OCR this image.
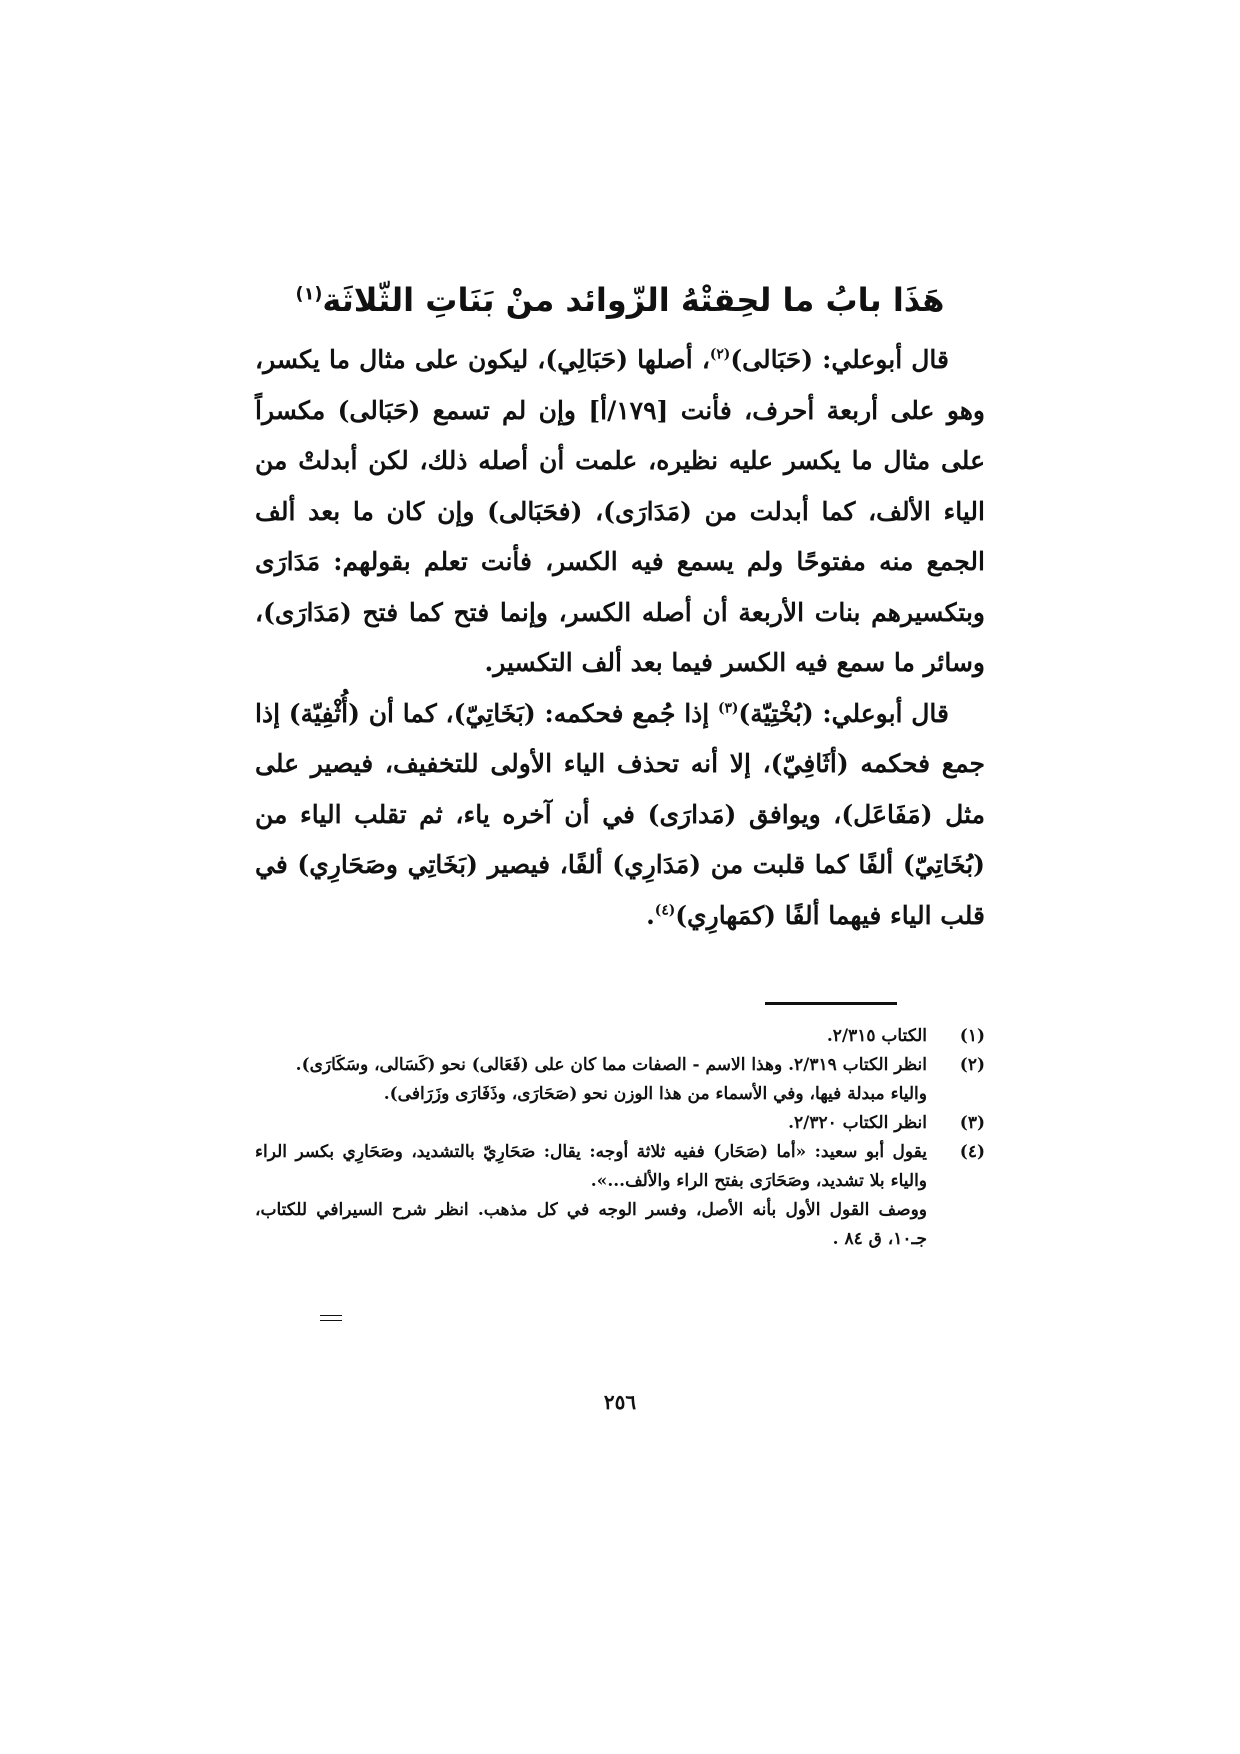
هَذَا بابُ ما لحِقتْهُ الزّوائد منْ بَنَاتِ الثّلاثَة$^{(١)}$

قال أبوعلي: (حَبَالى)$^{(٢)}$، أصلها (حَبَالِي)، ليكون على مثال ما يكسر، وهو على أربعة أحرف، فأنت [١٧٩/أ] وإن لم تسمع (حَبَالى) مكسراً على مثال ما يكسر عليه نظيره، علمت أن أصله ذلك، لكن أبدلتْ من الياء الألف، كما أبدلت من (مَدَارَى)، (فحَبَالى) وإن كان ما بعد ألف الجمع منه مفتوحًا ولم يسمع فيه الكسر، فأنت تعلم بقولهم: مَدَارَى وبتكسيرهم بنات الأربعة أن أصله الكسر، وإنما فتح كما فتح (مَدَارَى)، وسائر ما سمع فيه الكسر فيما بعد ألف التكسير.

قال أبوعلي: (بُخْتِيّة)$^{(٣)}$ إذا جُمع فحكمه: (بَخَاتِيّ)، كما أن (أُثْفِيّة) إذا جمع فحكمه (أثَافِيّ)، إلا أنه تحذف الياء الأولى للتخفيف، فيصير على مثل (مَفَاعَل)، ويوافق (مَدارَى) في أن آخره ياء، ثم تقلب الياء من (بُخَاتِيّ) ألفًا كما قلبت من (مَدَارِي) ألفًا، فيصير (بَخَاتِي وصَحَارِي) في قلب الياء فيهما ألفًا (كمَهارِي)$^{(٤)}$.

(١)
الكتاب ٢/٣١٥.
(٢)
انظر الكتاب ٢/٣١٩. وهذا الاسم - الصفات مما كان على (فَعَالى) نحو (كَسَالى، وسَكَارَى).

والياء مبدلة فيها، وفي الأسماء من هذا الوزن نحو (صَحَارَى، وذَفَارَى وزَرَافى).

(٣)
انظر الكتاب ٢/٣٢٠.
(٤)
يقول أبو سعيد: «أما (صَحَار) ففيه ثلاثة أوجه: يقال: صَحَارِيّ بالتشديد، وصَحَارِي بكسر الراء والياء بلا تشديد، وصَحَارَى بفتح الراء والألف...».

ووصف القول الأول بأنه الأصل، وفسر الوجه في كل مذهب. انظر شرح السيرافي للكتاب، جـ١٠، ق ٨٤ .

٢٥٦
